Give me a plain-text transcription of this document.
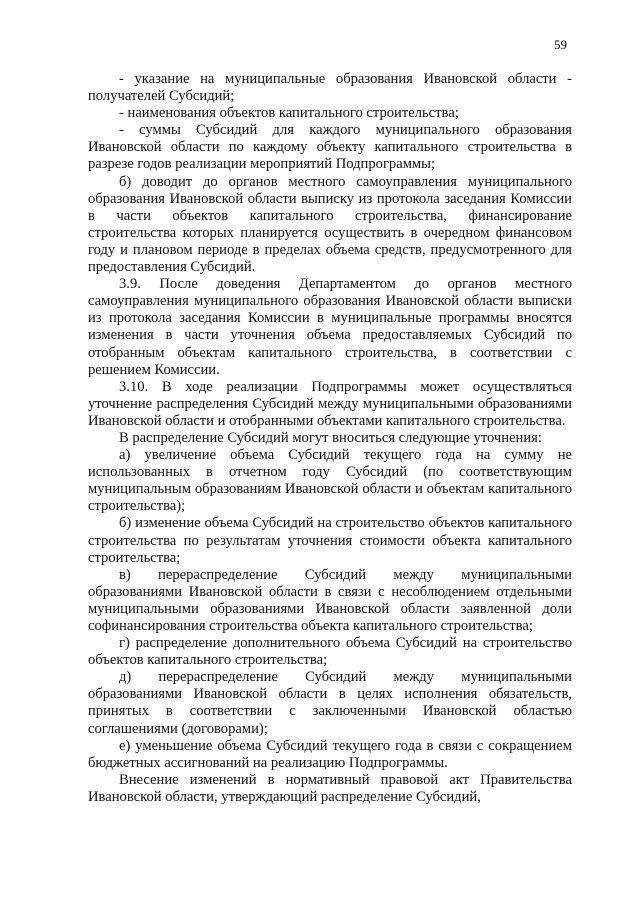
59

- указание на муниципальные образования Ивановской области - получателей Субсидий;

- наименования объектов капитального строительства;

- суммы Субсидий для каждого муниципального образования Ивановской области по каждому объекту капитального строительства в разрезе годов реализации мероприятий Подпрограммы;

б) доводит до органов местного самоуправления муниципального образования Ивановской области выписку из протокола заседания Комиссии в части объектов капитального строительства, финансирование строительства которых планируется осуществить в очередном финансовом году и плановом периоде в пределах объема средств, предусмотренного для предоставления Субсидий.

3.9. После доведения Департаментом до органов местного самоуправления муниципального образования Ивановской области выписки из протокола заседания Комиссии в муниципальные программы вносятся изменения в части уточнения объема предоставляемых Субсидий по отобранным объектам капитального строительства, в соответствии с решением Комиссии.

3.10. В ходе реализации Подпрограммы может осуществляться уточнение распределения Субсидий между муниципальными образованиями Ивановской области и отобранными объектами капитального строительства.

В распределение Субсидий могут вноситься следующие уточнения:

а) увеличение объема Субсидий текущего года на сумму не использованных в отчетном году Субсидий (по соответствующим муниципальным образованиям Ивановской области и объектам капитального строительства);

б) изменение объема Субсидий на строительство объектов капитального строительства по результатам уточнения стоимости объекта капитального строительства;

в) перераспределение Субсидий между муниципальными образованиями Ивановской области в связи с несоблюдением отдельными муниципальными образованиями Ивановской области заявленной доли софинансирования строительства объекта капитального строительства;

г) распределение дополнительного объема Субсидий на строительство объектов капитального строительства;

д) перераспределение Субсидий между муниципальными образованиями Ивановской области в целях исполнения обязательств, принятых в соответствии с заключенными Ивановской областью соглашениями (договорами);

е) уменьшение объема Субсидий текущего года в связи с сокращением бюджетных ассигнований на реализацию Подпрограммы.

Внесение изменений в нормативный правовой акт Правительства Ивановской области, утверждающий распределение Субсидий,
